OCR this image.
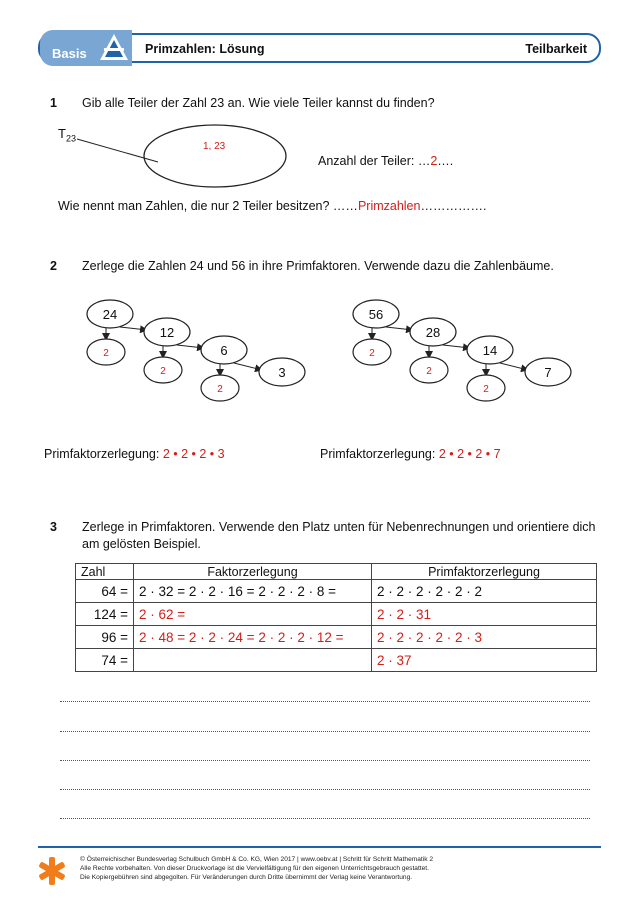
Basis	Primzahlen: Lösung	Teilbarkeit
1 Gib alle Teiler der Zahl 23 an. Wie viele Teiler kannst du finden?
$T_{23}$
1, 23
Anzahl der Teiler: …2….
Wie nennt man Zahlen, die nur 2 Teiler besitzen? ……Primzahlen…………….
2 Zerlege die Zahlen 24 und 56 in ihre Primfaktoren. Verwende dazu die Zahlenbäume.
24
12
6
3
2
2
2
56
28
14
7
2
2
2
Primfaktorzerlegung: 2 • 2 • 2 • 3	Primfaktorzerlegung: 2 • 2 • 2 • 7
3 Zerlege in Primfaktoren. Verwende den Platz unten für Nebenrechnungen und orientiere dich
am gelösten Beispiel.
Zahl	Faktorzerlegung	Primfaktorzerlegung
64 =	2 · 32 = 2 · 2 · 16 = 2 · 2 · 2 · 8 =	2 · 2 · 2 · 2 · 2 · 2
124 =	2 · 62 =	2 · 2 · 31
96 =	2 · 48 = 2 · 2 · 24 = 2 · 2 · 2 · 12 =	2 · 2 · 2 · 2 · 2 · 3
74 =		2 · 37
© Österreichischer Bundesverlag Schulbuch GmbH & Co. KG, Wien 2017 | www.oebv.at | Schritt für Schritt Mathematik 2
Alle Rechte vorbehalten. Von dieser Druckvorlage ist die Vervielfältigung für den eigenen Unterrichtsgebrauch gestattet.
Die Kopiergebühren sind abgegolten. Für Veränderungen durch Dritte übernimmt der Verlag keine Verantwortung.
